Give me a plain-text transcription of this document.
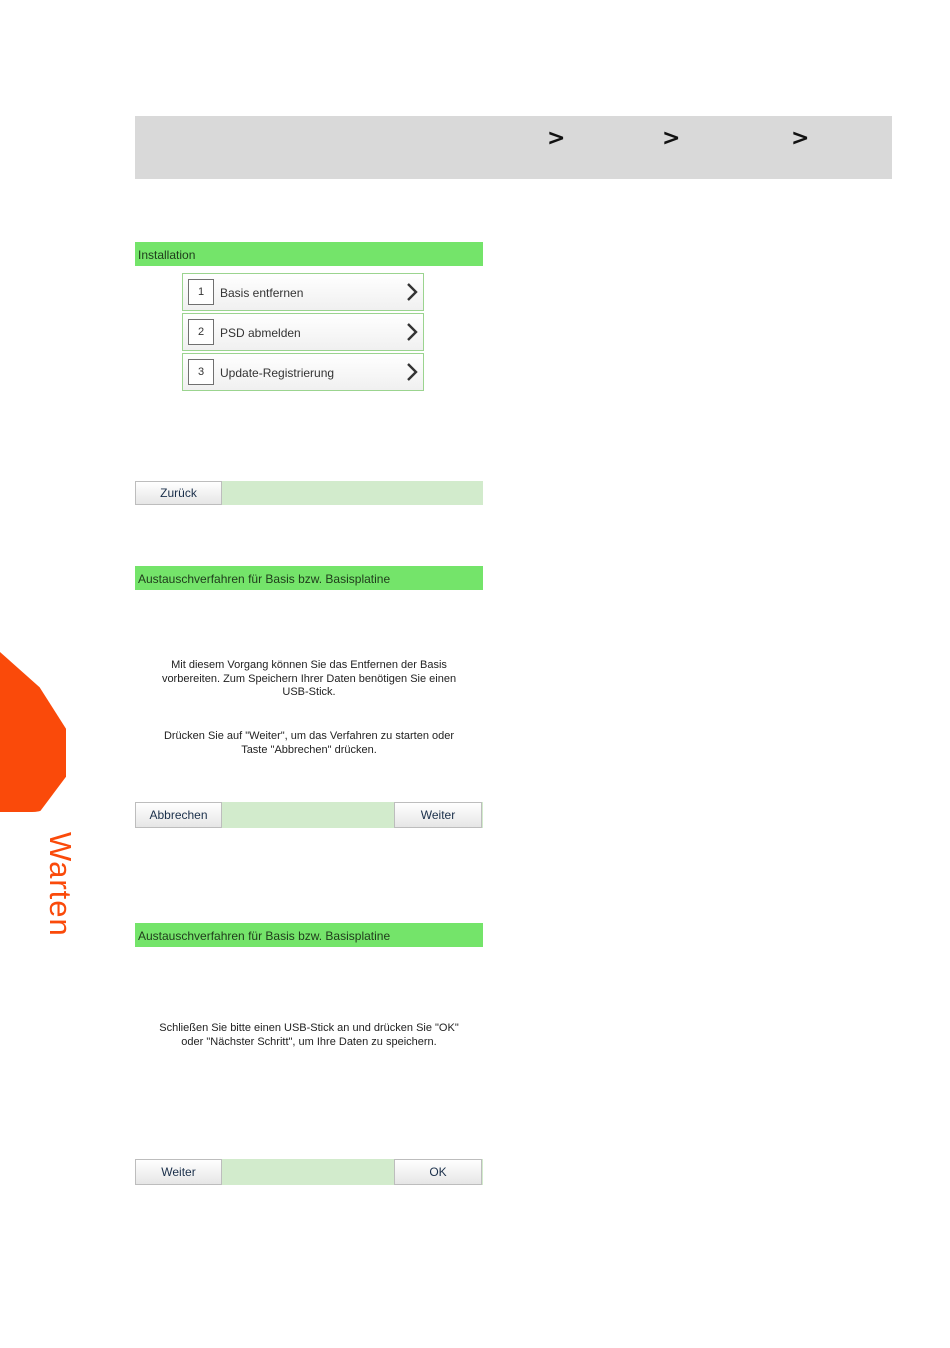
>	>	>
Warten
Installation
1	Basis entfernen
2	PSD abmelden
3	Update-Registrierung
Zurück
Austauschverfahren für Basis bzw. Basisplatine
Mit diesem Vorgang können Sie das Entfernen der Basis
vorbereiten. Zum Speichern Ihrer Daten benötigen Sie einen
USB-Stick.
Drücken Sie auf "Weiter", um das Verfahren zu starten oder
Taste "Abbrechen" drücken.
Abbrechen	Weiter
Austauschverfahren für Basis bzw. Basisplatine
Schließen Sie bitte einen USB-Stick an und drücken Sie "OK"
oder "Nächster Schritt", um Ihre Daten zu speichern.
Weiter	OK
